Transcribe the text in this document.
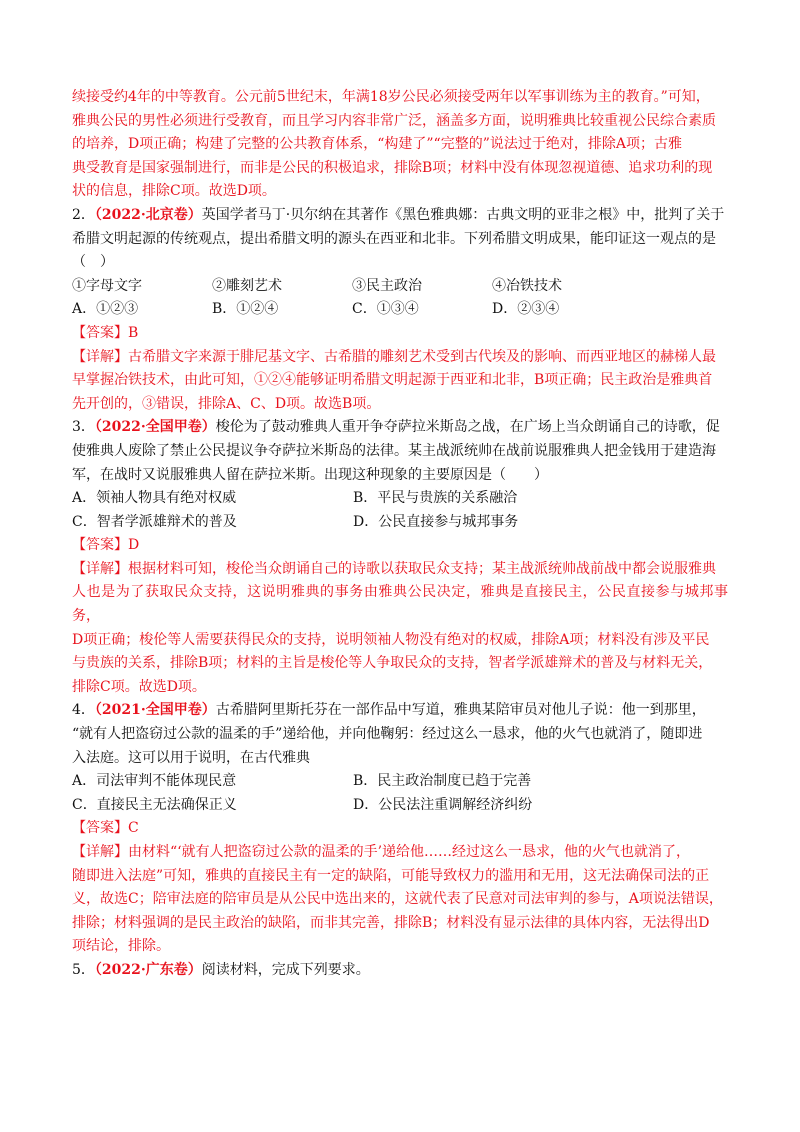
续接受约4年的中等教育。公元前5世纪末，年满18岁公民必须接受两年以军事训练为主的教育。”可知，

雅典公民的男性必须进行受教育，而且学习内容非常广泛，涵盖多方面，说明雅典比较重视公民综合素质

的培养，D项正确；构建了完整的公共教育体系，“构建了”“完整的”说法过于绝对，排除A项；古雅

典受教育是国家强制进行，而非是公民的积极追求，排除B项；材料中没有体现忽视道德、追求功利的现

状的信息，排除C项。故选D项。

2．（2022·北京卷）英国学者马丁·贝尔纳在其著作《黑色雅典娜：古典文明的亚非之根》中，批判了关于

希腊文明起源的传统观点，提出希腊文明的源头在西亚和北非。下列希腊文明成果，能印证这一观点的是

（　）

①字母文字	②雕刻艺术	③民主政治	④冶铁技术
A．①②③	B．①②④	C．①③④	D．②③④

【答案】B

【详解】古希腊文字来源于腓尼基文字、古希腊的雕刻艺术受到古代埃及的影响、而西亚地区的赫梯人最

早掌握冶铁技术，由此可知，①②④能够证明希腊文明起源于西亚和北非，B项正确；民主政治是雅典首

先开创的，③错误，排除A、C、D项。故选B项。

3．（2022·全国甲卷）梭伦为了鼓动雅典人重开争夺萨拉米斯岛之战，在广场上当众朗诵自己的诗歌，促

使雅典人废除了禁止公民提议争夺萨拉米斯岛的法律。某主战派统帅在战前说服雅典人把金钱用于建造海

军，在战时又说服雅典人留在萨拉米斯。出现这种现象的主要原因是（　　）

A．领袖人物具有绝对权威	B．平民与贵族的关系融洽
C．智者学派雄辩术的普及	D．公民直接参与城邦事务

【答案】D

【详解】根据材料可知，梭伦当众朗诵自己的诗歌以获取民众支持；某主战派统帅战前战中都会说服雅典

人也是为了获取民众支持，这说明雅典的事务由雅典公民决定，雅典是直接民主，公民直接参与城邦事务，

D项正确；梭伦等人需要获得民众的支持，说明领袖人物没有绝对的权威，排除A项；材料没有涉及平民

与贵族的关系，排除B项；材料的主旨是梭伦等人争取民众的支持，智者学派雄辩术的普及与材料无关，

排除C项。故选D项。

4．（2021·全国甲卷）古希腊阿里斯托芬在一部作品中写道，雅典某陪审员对他儿子说：他一到那里，

“就有人把盗窃过公款的温柔的手”递给他，并向他鞠躬：经过这么一恳求，他的火气也就消了，随即进

入法庭。这可以用于说明，在古代雅典

A．司法审判不能体现民意	B．民主政治制度已趋于完善
C．直接民主无法确保正义	D．公民法注重调解经济纠纷

【答案】C

【详解】由材料“‘就有人把盗窃过公款的温柔的手’递给他……经过这么一恳求，他的火气也就消了，

随即进入法庭”可知，雅典的直接民主有一定的缺陷，可能导致权力的滥用和无用，这无法确保司法的正

义，故选C；陪审法庭的陪审员是从公民中选出来的，这就代表了民意对司法审判的参与，A项说法错误，

排除；材料强调的是民主政治的缺陷，而非其完善，排除B；材料没有显示法律的具体内容，无法得出D

项结论，排除。

5．（2022·广东卷）阅读材料，完成下列要求。
